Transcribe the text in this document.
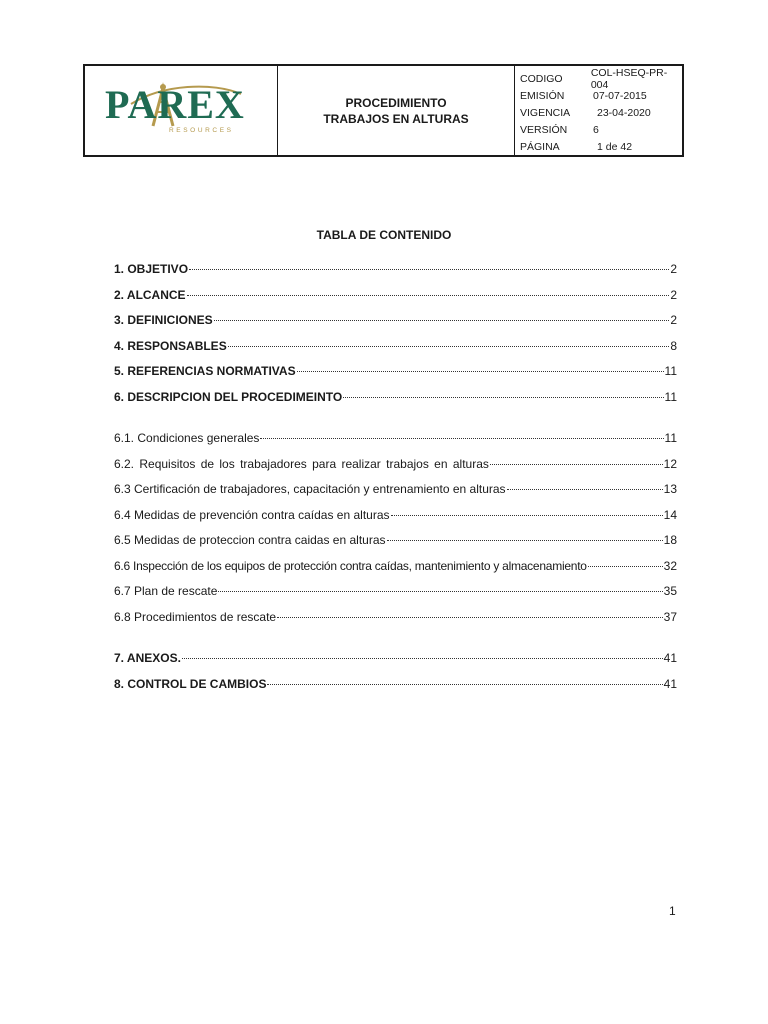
PAREX
RESOURCES
PROCEDIMIENTO
TRABAJOS EN ALTURAS
CODIGO	COL-HSEQ-PR-004
EMISIÓN	07-07-2015
VIGENCIA	23-04-2020
VERSIÓN	6
PÁGINA	1 de 42
TABLA DE CONTENIDO
1. OBJETIVO	2
2. ALCANCE	2
3. DEFINICIONES	2
4. RESPONSABLES	8
5. REFERENCIAS NORMATIVAS	11
6. DESCRIPCION DEL PROCEDIMEINTO	11
6.1. Condiciones generales	11
6.2. Requisitos de los trabajadores para realizar trabajos en alturas	12
6.3 Certificación de trabajadores, capacitación y entrenamiento en alturas	13
6.4 Medidas de prevención contra caídas en alturas	14
6.5 Medidas de proteccion contra caidas en alturas	18
6.6 Inspección de los equipos de protección contra caídas, mantenimiento y almacenamiento	32
6.7 Plan de rescate	35
6.8 Procedimientos de rescate	37
7. ANEXOS.	41
8. CONTROL DE CAMBIOS	41
1
